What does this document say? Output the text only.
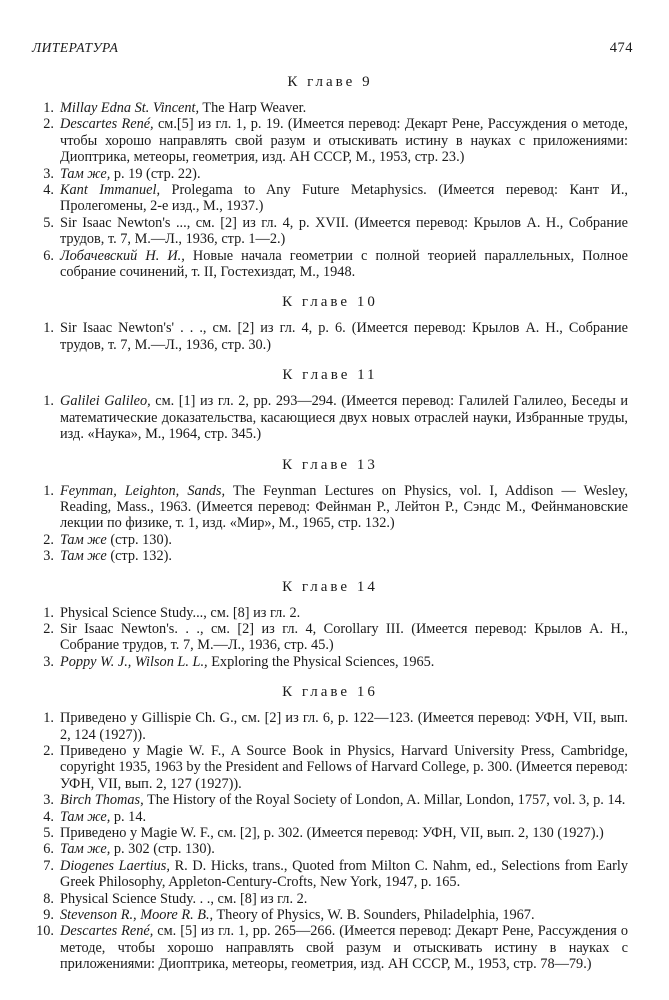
ЛИТЕРАТУРА	474
К главе 9
1. Millay Edna St. Vincent, The Harp Weaver.
2. Descartes René, см.[5] из гл. 1, p. 19. (Имеется перевод: Декарт Рене, Рассуждения о методе, чтобы хорошо направлять свой разум и отыскивать истину в науках с приложениями: Диоптрика, метеоры, геометрия, изд. АН СССР, М., 1953, стр. 23.)
3. Там же, p. 19 (стр. 22).
4. Kant Immanuel, Prolegama to Any Future Metaphysics. (Имеется перевод: Кант И., Пролегомены, 2-е изд., М., 1937.)
5. Sir Isaac Newton's ..., см. [2] из гл. 4, p. XVII. (Имеется перевод: Крылов А. Н., Собрание трудов, т. 7, М.—Л., 1936, стр. 1—2.)
6. Лобачевский Н. И., Новые начала геометрии с полной теорией параллельных, Полное собрание сочинений, т. II, Гостехиздат, М., 1948.
К главе 10
1. Sir Isaac Newton's' . . ., см. [2] из гл. 4, p. 6. (Имеется перевод: Крылов А. Н., Собрание трудов, т. 7, М.—Л., 1936, стр. 30.)
К главе 11
1. Galilei Galileo, см. [1] из гл. 2, pp. 293—294. (Имеется перевод: Галилей Галилео, Беседы и математические доказательства, касающиеся двух новых отраслей науки, Избранные труды, изд. «Наука», М., 1964, стр. 345.)
К главе 13
1. Feynman, Leighton, Sands, The Feynman Lectures on Physics, vol. I, Addison — Wesley, Reading, Mass., 1963. (Имеется перевод: Фейнман Р., Лейтон Р., Сэндс М., Фейнмановские лекции по физике, т. 1, изд. «Мир», М., 1965, стр. 132.)
2. Там же (стр. 130).
3. Там же (стр. 132).
К главе 14
1. Physical Science Study..., см. [8] из гл. 2.
2. Sir Isaac Newton's. . ., см. [2] из гл. 4, Corollary III. (Имеется перевод: Крылов А. Н., Собрание трудов, т. 7, М.—Л., 1936, стр. 45.)
3. Poppy W. J., Wilson L. L., Exploring the Physical Sciences, 1965.
К главе 16
1. Приведено у Gillispie Ch. G., см. [2] из гл. 6, p. 122—123. (Имеется перевод: УФН, VII, вып. 2, 124 (1927)).
2. Приведено у Magie W. F., A Source Book in Physics, Harvard University Press, Cambridge, copyright 1935, 1963 by the President and Fellows of Harvard College, p. 300. (Имеется перевод: УФН, VII, вып. 2, 127 (1927)).
3. Birch Thomas, The History of the Royal Society of London, A. Millar, London, 1757, vol. 3, p. 14.
4. Там же, p. 14.
5. Приведено у Magie W. F., см. [2], p. 302. (Имеется перевод: УФН, VII, вып. 2, 130 (1927).)
6. Там же, p. 302 (стр. 130).
7. Diogenes Laertius, R. D. Hicks, trans., Quoted from Milton C. Nahm, ed., Selections from Early Greek Philosophy, Appleton-Century-Crofts, New York, 1947, p. 165.
8. Physical Science Study. . ., см. [8] из гл. 2.
9. Stevenson R., Moore R. B., Theory of Physics, W. B. Sounders, Philadelphia, 1967.
10. Descartes René, см. [5] из гл. 1, pp. 265—266. (Имеется перевод: Декарт Рене, Рассуждения о методе, чтобы хорошо направлять свой разум и отыскивать истину в науках с приложениями: Диоптрика, метеоры, геометрия, изд. АН СССР, М., 1953, стр. 78—79.)
